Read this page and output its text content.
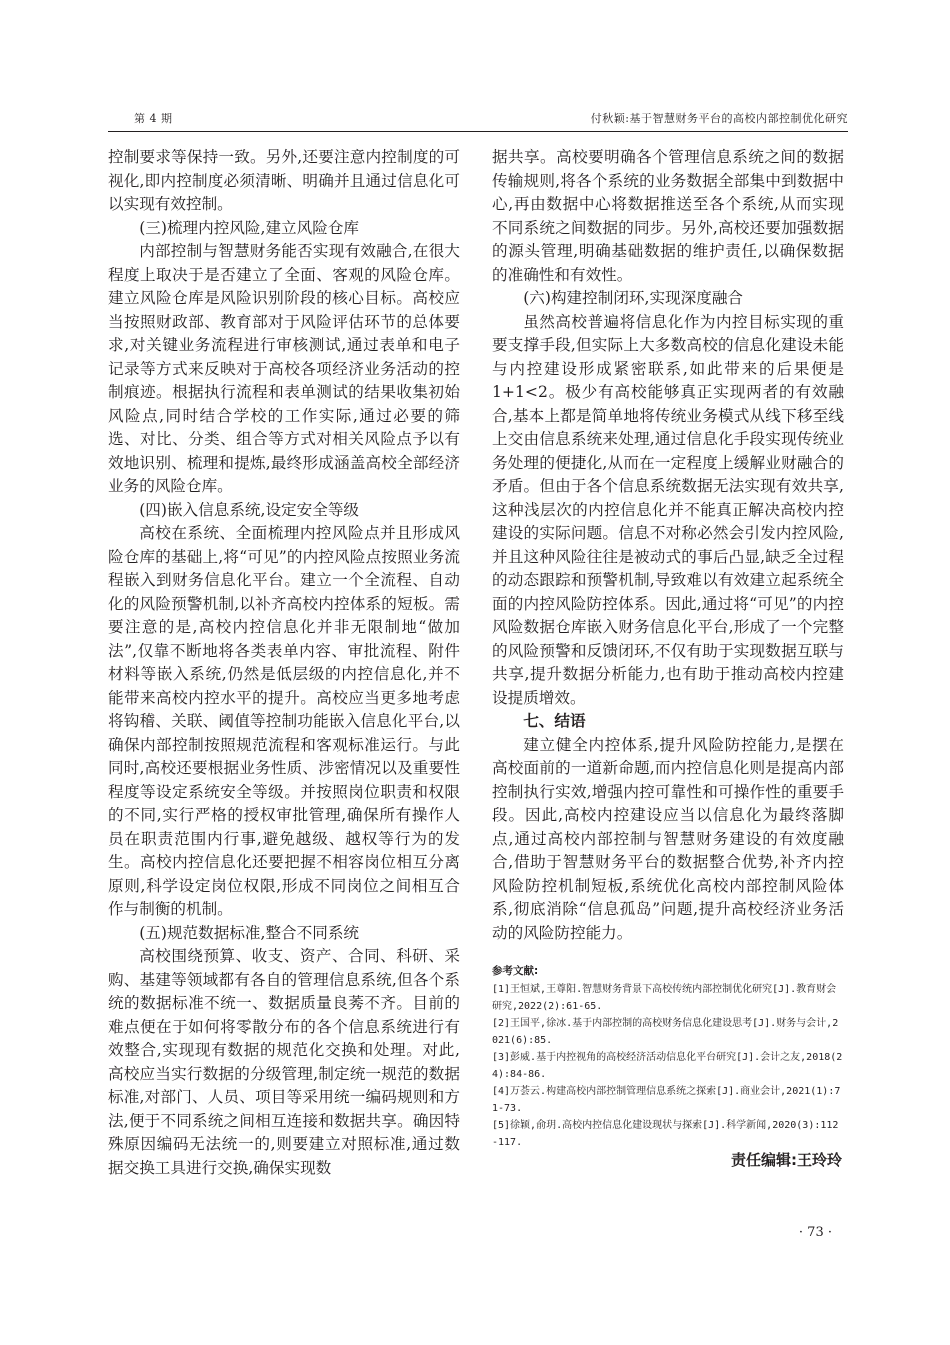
第 4 期	付秋颖:基于智慧财务平台的高校内部控制优化研究

控制要求等保持一致。另外,还要注意内控制度的可视化,即内控制度必须清晰、明确并且通过信息化可以实现有效控制。

(三)梳理内控风险,建立风险仓库

内部控制与智慧财务能否实现有效融合,在很大程度上取决于是否建立了全面、客观的风险仓库。建立风险仓库是风险识别阶段的核心目标。高校应当按照财政部、教育部对于风险评估环节的总体要求,对关键业务流程进行审核测试,通过表单和电子记录等方式来反映对于高校各项经济业务活动的控制痕迹。根据执行流程和表单测试的结果收集初始风险点,同时结合学校的工作实际,通过必要的筛选、对比、分类、组合等方式对相关风险点予以有效地识别、梳理和提炼,最终形成涵盖高校全部经济业务的风险仓库。

(四)嵌入信息系统,设定安全等级

高校在系统、全面梳理内控风险点并且形成风险仓库的基础上,将“可见”的内控风险点按照业务流程嵌入到财务信息化平台。建立一个全流程、自动化的风险预警机制,以补齐高校内控体系的短板。需要注意的是,高校内控信息化并非无限制地“做加法”,仅靠不断地将各类表单内容、审批流程、附件材料等嵌入系统,仍然是低层级的内控信息化,并不能带来高校内控水平的提升。高校应当更多地考虑将钩稽、关联、阈值等控制功能嵌入信息化平台,以确保内部控制按照规范流程和客观标准运行。与此同时,高校还要根据业务性质、涉密情况以及重要性程度等设定系统安全等级。并按照岗位职责和权限的不同,实行严格的授权审批管理,确保所有操作人员在职责范围内行事,避免越级、越权等行为的发生。高校内控信息化还要把握不相容岗位相互分离原则,科学设定岗位权限,形成不同岗位之间相互合作与制衡的机制。

(五)规范数据标准,整合不同系统

高校围绕预算、收支、资产、合同、科研、采购、基建等领域都有各自的管理信息系统,但各个系统的数据标准不统一、数据质量良莠不齐。目前的难点便在于如何将零散分布的各个信息系统进行有效整合,实现现有数据的规范化交换和处理。对此,高校应当实行数据的分级管理,制定统一规范的数据标准,对部门、人员、项目等采用统一编码规则和方法,便于不同系统之间相互连接和数据共享。确因特殊原因编码无法统一的,则要建立对照标准,通过数据交换工具进行交换,确保实现数

据共享。高校要明确各个管理信息系统之间的数据传输规则,将各个系统的业务数据全部集中到数据中心,再由数据中心将数据推送至各个系统,从而实现不同系统之间数据的同步。另外,高校还要加强数据的源头管理,明确基础数据的维护责任,以确保数据的准确性和有效性。

(六)构建控制闭环,实现深度融合

虽然高校普遍将信息化作为内控目标实现的重要支撑手段,但实际上大多数高校的信息化建设未能与内控建设形成紧密联系,如此带来的后果便是 1+1<2。极少有高校能够真正实现两者的有效融合,基本上都是简单地将传统业务模式从线下移至线上交由信息系统来处理,通过信息化手段实现传统业务处理的便捷化,从而在一定程度上缓解业财融合的矛盾。但由于各个信息系统数据无法实现有效共享,这种浅层次的内控信息化并不能真正解决高校内控建设的实际问题。信息不对称必然会引发内控风险,并且这种风险往往是被动式的事后凸显,缺乏全过程的动态跟踪和预警机制,导致难以有效建立起系统全面的内控风险防控体系。因此,通过将“可见”的内控风险数据仓库嵌入财务信息化平台,形成了一个完整的风险预警和反馈闭环,不仅有助于实现数据互联与共享,提升数据分析能力,也有助于推动高校内控建设提质增效。

七、结语

建立健全内控体系,提升风险防控能力,是摆在高校面前的一道新命题,而内控信息化则是提高内部控制执行实效,增强内控可靠性和可操作性的重要手段。因此,高校内控建设应当以信息化为最终落脚点,通过高校内部控制与智慧财务建设的有效度融合,借助于智慧财务平台的数据整合优势,补齐内控风险防控机制短板,系统优化高校内部控制风险体系,彻底消除“信息孤岛”问题,提升高校经济业务活动的风险防控能力。

参考文献:
[1]王恒斌,王尊阳.智慧财务背景下高校传统内部控制优化研究[J].教育财会研究,2022(2):61-65.
[2]王国平,徐冰.基于内部控制的高校财务信息化建设思考[J].财务与会计,2021(6):85.
[3]彭威.基于内控视角的高校经济活动信息化平台研究[J].会计之友,2018(24):84-86.
[4]万荟云.构建高校内部控制管理信息系统之探索[J].商业会计,2021(1):71-73.
[5]徐颖,俞玥.高校内控信息化建设现状与探索[J].科学新闻,2020(3):112-117.
责任编辑:王玲玲
· 73 ·
